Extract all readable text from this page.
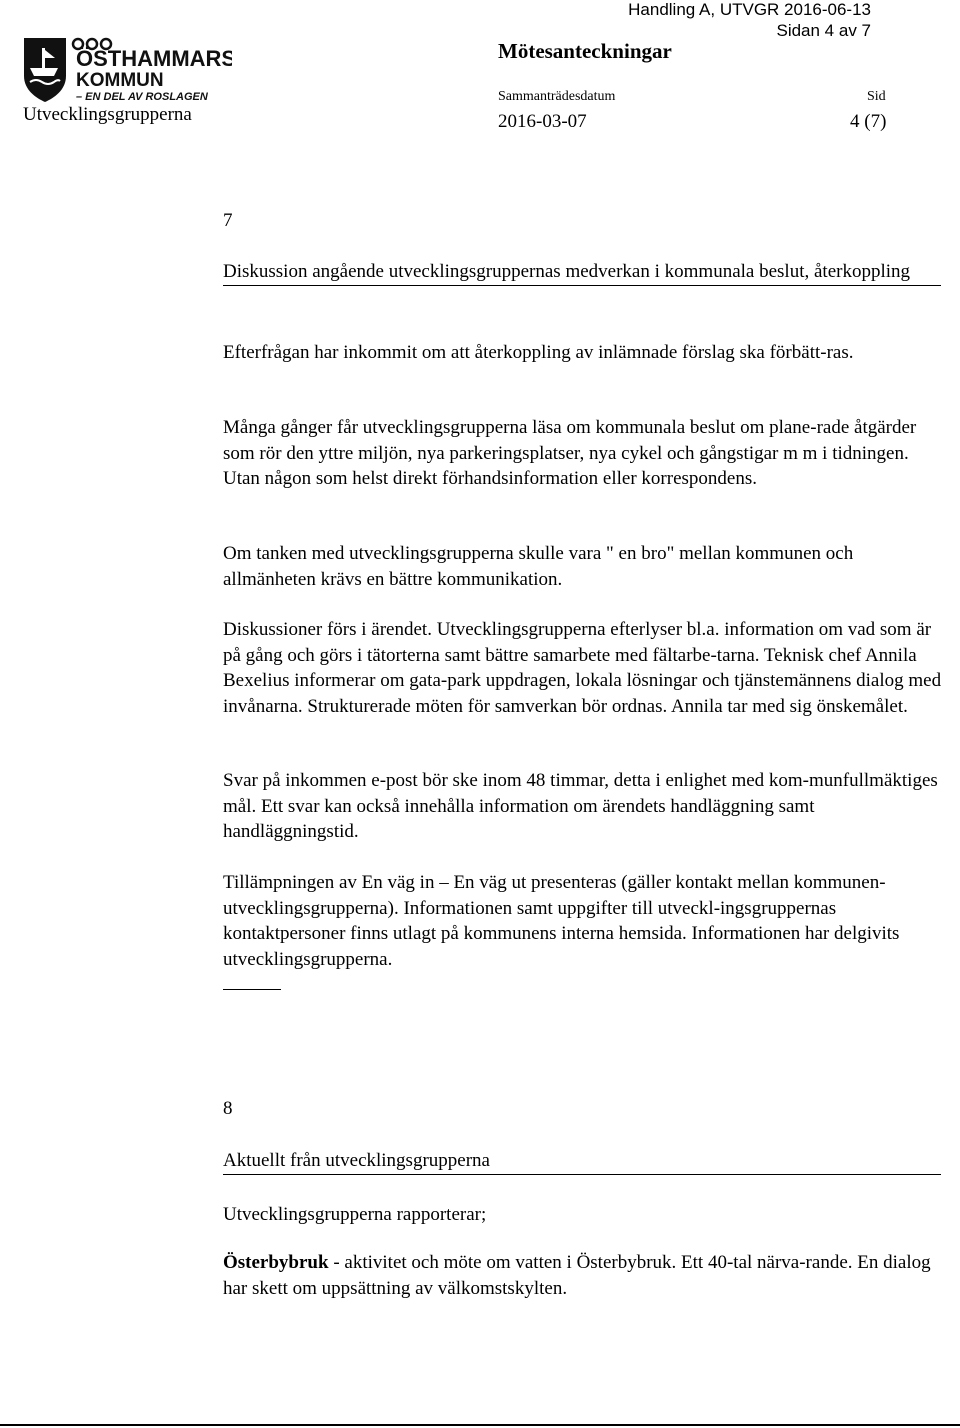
Handling A, UTVGR 2016-06-13
Sidan 4 av 7
ÖSTHAMMARS
KOMMUN
– EN DEL AV ROSLAGEN
Utvecklingsgrupperna
Mötesanteckningar
Sammanträdesdatum	Sid
2016-03-07	4 (7)
7
Diskussion angående utvecklingsgruppernas medverkan i kommunala beslut, återkoppling

Efterfrågan har inkommit om att återkoppling av inlämnade förslag ska förbätt-ras.

Många gånger får utvecklingsgrupperna läsa om kommunala beslut om plane-rade åtgärder som rör den yttre miljön, nya parkeringsplatser, nya cykel och gångstigar m m i tidningen. Utan någon som helst direkt förhandsinformation eller korrespondens.

Om tanken med utvecklingsgrupperna skulle vara " en bro" mellan kommunen och allmänheten krävs en bättre kommunikation.

Diskussioner förs i ärendet. Utvecklingsgrupperna efterlyser bl.a. information om vad som är på gång och görs i tätorterna samt bättre samarbete med fältarbe-tarna. Teknisk chef Annila Bexelius informerar om gata-park uppdragen, lokala lösningar och tjänstemännens dialog med invånarna. Strukturerade möten för samverkan bör ordnas. Annila tar med sig önskemålet.

Svar på inkommen e-post bör ske inom 48 timmar, detta i enlighet med kom-munfullmäktiges mål. Ett svar kan också innehålla information om ärendets handläggning samt handläggningstid.

Tillämpningen av En väg in – En väg ut presenteras (gäller kontakt mellan kommunen-utvecklingsgrupperna). Informationen samt uppgifter till utveckl-ingsgruppernas kontaktpersoner finns utlagt på kommunens interna hemsida. Informationen har delgivits utvecklingsgrupperna.

8
Aktuellt från utvecklingsgrupperna

Utvecklingsgrupperna rapporterar;

Österbybruk - aktivitet och möte om vatten i Österbybruk. Ett 40-tal närva-rande. En dialog har skett om uppsättning av välkomstskylten.
